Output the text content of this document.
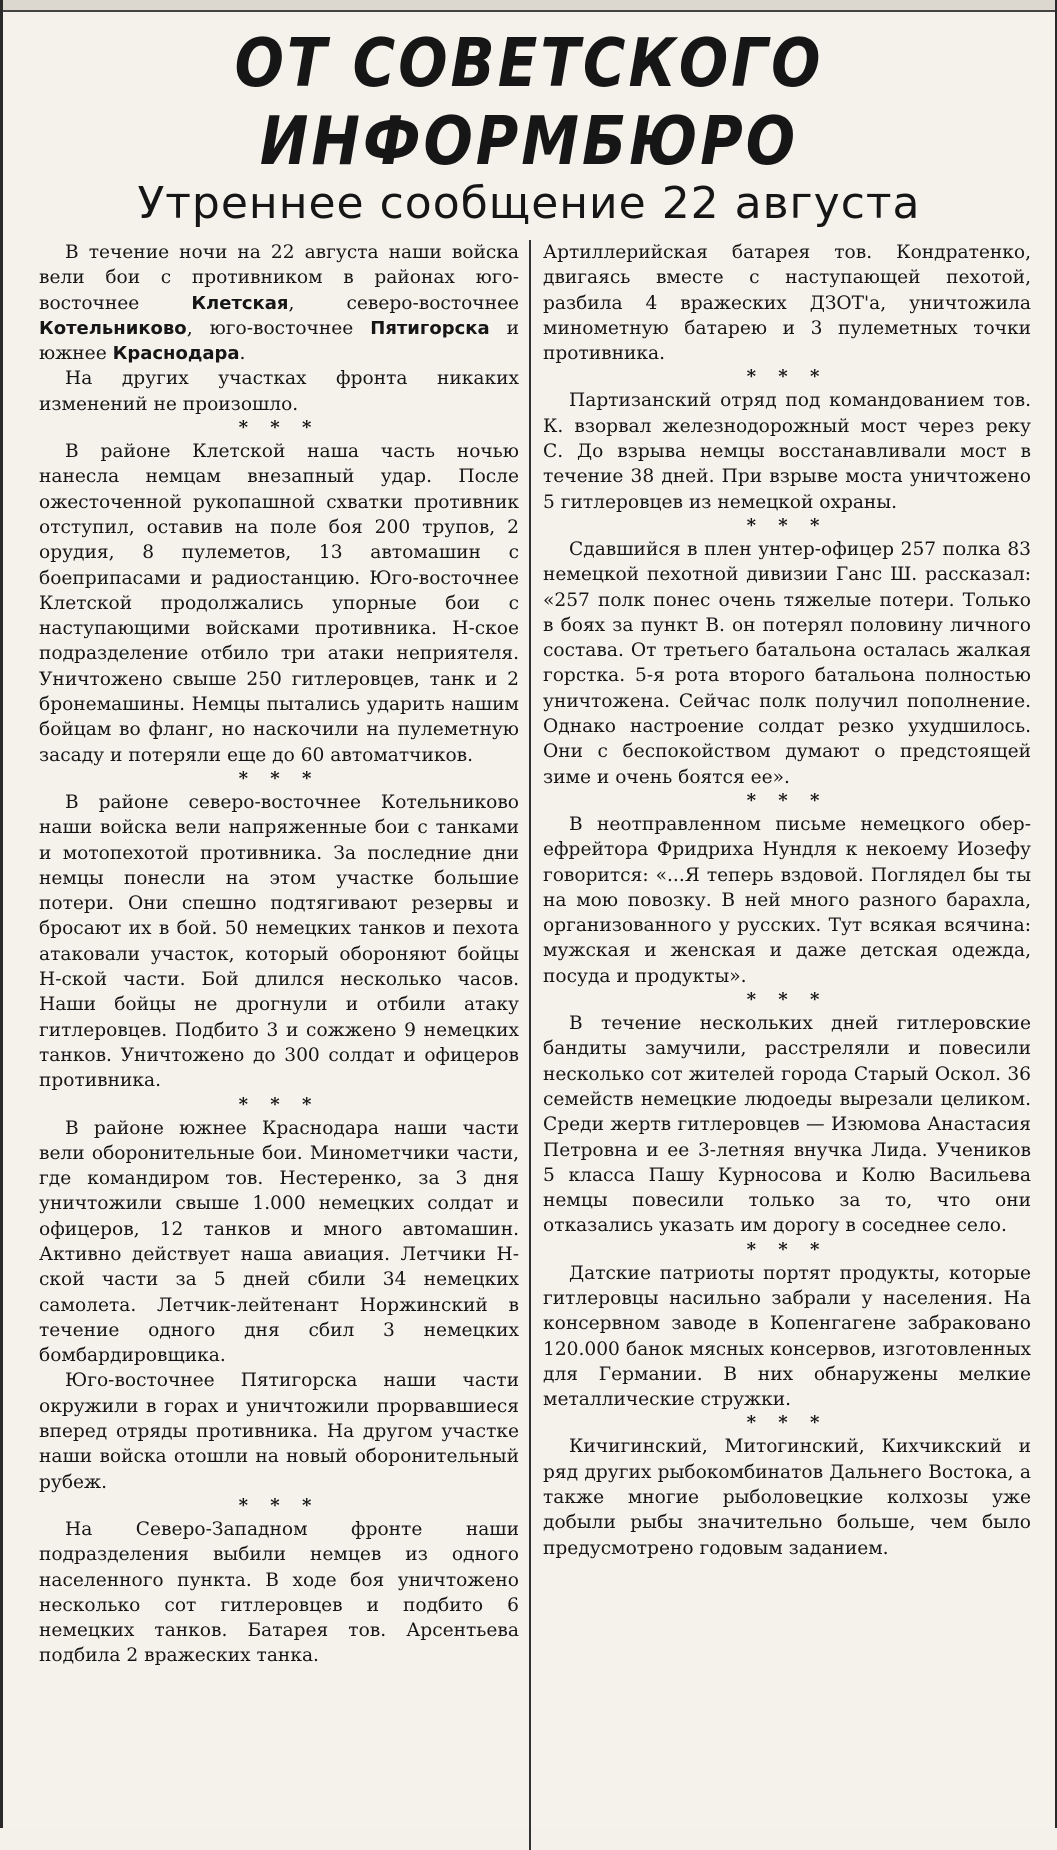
ОТ СОВЕТСКОГО ИНФОРМБЮРО
Утреннее сообщение 22 августа

В течение ночи на 22 августа наши войска вели бои с противником в районах юго-восточнее Клетская, северо-восточнее Котельниково, юго-восточнее Пятигорска и южнее Краснодара.

На других участках фронта никаких изменений не произошло.

* * *

В районе Клетской наша часть ночью нанесла немцам внезапный удар. После ожесточенной рукопашной схватки противник отступил, оставив на поле боя 200 трупов, 2 орудия, 8 пулеметов, 13 автомашин с боеприпасами и радиостанцию. Юго-восточнее Клетской продолжались упорные бои с наступающими войсками противника. Н-ское подразделение отбило три атаки неприятеля. Уничтожено свыше 250 гитлеровцев, танк и 2 бронемашины. Немцы пытались ударить нашим бойцам во фланг, но наскочили на пулеметную засаду и потеряли еще до 60 автоматчиков.

* * *

В районе северо-восточнее Котельниково наши войска вели напряженные бои с танками и мотопехотой противника. За последние дни немцы понесли на этом участке большие потери. Они спешно подтягивают резервы и бросают их в бой. 50 немецких танков и пехота атаковали участок, который обороняют бойцы Н-ской части. Бой длился несколько часов. Наши бойцы не дрогнули и отбили атаку гитлеровцев. Подбито 3 и сожжено 9 немецких танков. Уничтожено до 300 солдат и офицеров противника.

* * *

В районе южнее Краснодара наши части вели оборонительные бои. Минометчики части, где командиром тов. Нестеренко, за 3 дня уничтожили свыше 1.000 немецких солдат и офицеров, 12 танков и много автомашин. Активно действует наша авиация. Летчики Н-ской части за 5 дней сбили 34 немецких самолета. Летчик-лейтенант Норжинский в течение одного дня сбил 3 немецких бомбардировщика.

Юго-восточнее Пятигорска наши части окружили в горах и уничтожили прорвавшиеся вперед отряды противника. На другом участке наши войска отошли на новый оборонительный рубеж.

* * *

На Северо-Западном фронте наши подразделения выбили немцев из одного населенного пункта. В ходе боя уничтожено несколько сот гитлеровцев и подбито 6 немецких танков. Батарея тов. Арсентьева подбила 2 вражеских танка.

Артиллерийская батарея тов. Кондратенко, двигаясь вместе с наступающей пехотой, разбила 4 вражеских ДЗОТ'а, уничтожила минометную батарею и 3 пулеметных точки противника.

* * *

Партизанский отряд под командованием тов. К. взорвал железнодорожный мост через реку С. До взрыва немцы восстанавливали мост в течение 38 дней. При взрыве моста уничтожено 5 гитлеровцев из немецкой охраны.

* * *

Сдавшийся в плен унтер-офицер 257 полка 83 немецкой пехотной дивизии Ганс Ш. рассказал: «257 полк понес очень тяжелые потери. Только в боях за пункт В. он потерял половину личного состава. От третьего батальона осталась жалкая горстка. 5-я рота второго батальона полностью уничтожена. Сейчас полк получил пополнение. Однако настроение солдат резко ухудшилось. Они с беспокойством думают о предстоящей зиме и очень боятся ее».

* * *

В неотправленном письме немецкого обер-ефрейтора Фридриха Нундля к некоему Иозефу говорится: «...Я теперь вздовой. Поглядел бы ты на мою повозку. В ней много разного барахла, организованного у русских. Тут всякая всячина: мужская и женская и даже детская одежда, посуда и продукты».

* * *

В течение нескольких дней гитлеровские бандиты замучили, расстреляли и повесили несколько сот жителей города Старый Оскол. 36 семейств немецкие людоеды вырезали целиком. Среди жертв гитлеровцев — Изюмова Анастасия Петровна и ее 3-летняя внучка Лида. Учеников 5 класса Пашу Курносова и Колю Васильева немцы повесили только за то, что они отказались указать им дорогу в соседнее село.

* * *

Датские патриоты портят продукты, которые гитлеровцы насильно забрали у населения. На консервном заводе в Копенгагене забраковано 120.000 банок мясных консервов, изготовленных для Германии. В них обнаружены мелкие металлические стружки.

* * *

Кичигинский, Митогинский, Кихчикский и ряд других рыбокомбинатов Дальнего Востока, а также многие рыболовецкие колхозы уже добыли рыбы значительно больше, чем было предусмотрено годовым заданием.
